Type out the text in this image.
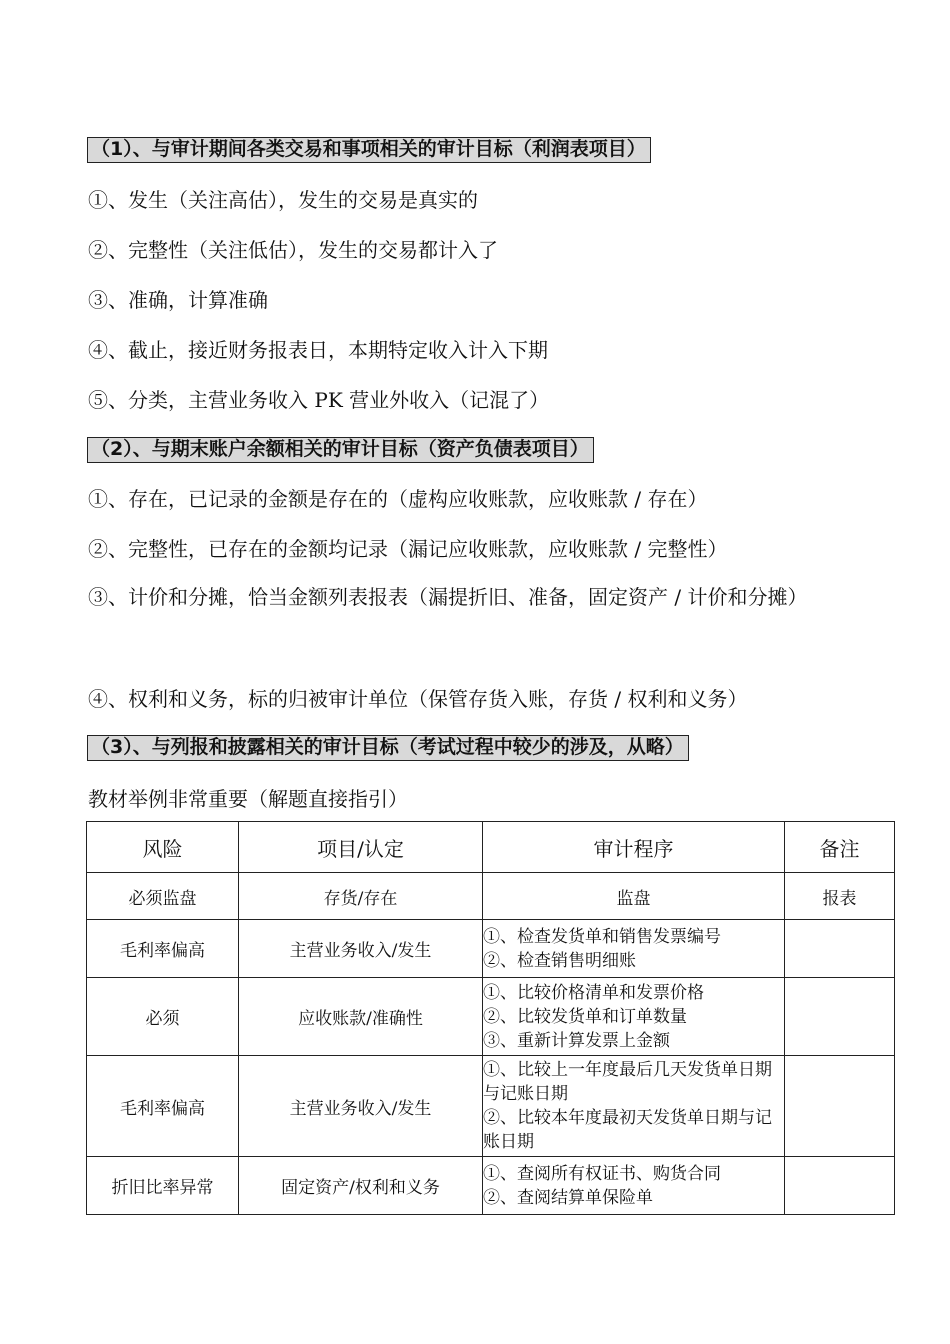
（1）、与审计期间各类交易和事项相关的审计目标（利润表项目）
①、发生（关注高估），发生的交易是真实的
②、完整性（关注低估），发生的交易都计入了
③、准确，计算准确
④、截止，接近财务报表日，本期特定收入计入下期
⑤、分类，主营业务收入 PK 营业外收入（记混了）
（2）、与期末账户余额相关的审计目标（资产负债表项目）
①、存在，已记录的金额是存在的（虚构应收账款，应收账款 / 存在）
②、完整性，已存在的金额均记录（漏记应收账款，应收账款 / 完整性）
③、计价和分摊，恰当金额列表报表（漏提折旧、准备，固定资产 / 计价和分摊）
④、权利和义务，标的归被审计单位（保管存货入账，存货 / 权利和义务）
（3）、与列报和披露相关的审计目标（考试过程中较少的涉及，从略）
教材举例非常重要（解题直接指引）
风险	项目/认定	审计程序	备注
必须监盘	存货/存在	监盘	报表
毛利率偏高	主营业务收入/发生	①、检查发货单和销售发票编号
②、检查销售明细账	

必须	应收账款/准确性	①、比较价格清单和发票价格
②、比较发货单和订单数量
③、重新计算发票上金额	

毛利率偏高	主营业务收入/发生	①、比较上一年度最后几天发货单日期与记账日期
②、比较本年度最初天发货单日期与记账日期	

折旧比率异常	固定资产/权利和义务	①、查阅所有权证书、购货合同
②、查阅结算单保险单	
